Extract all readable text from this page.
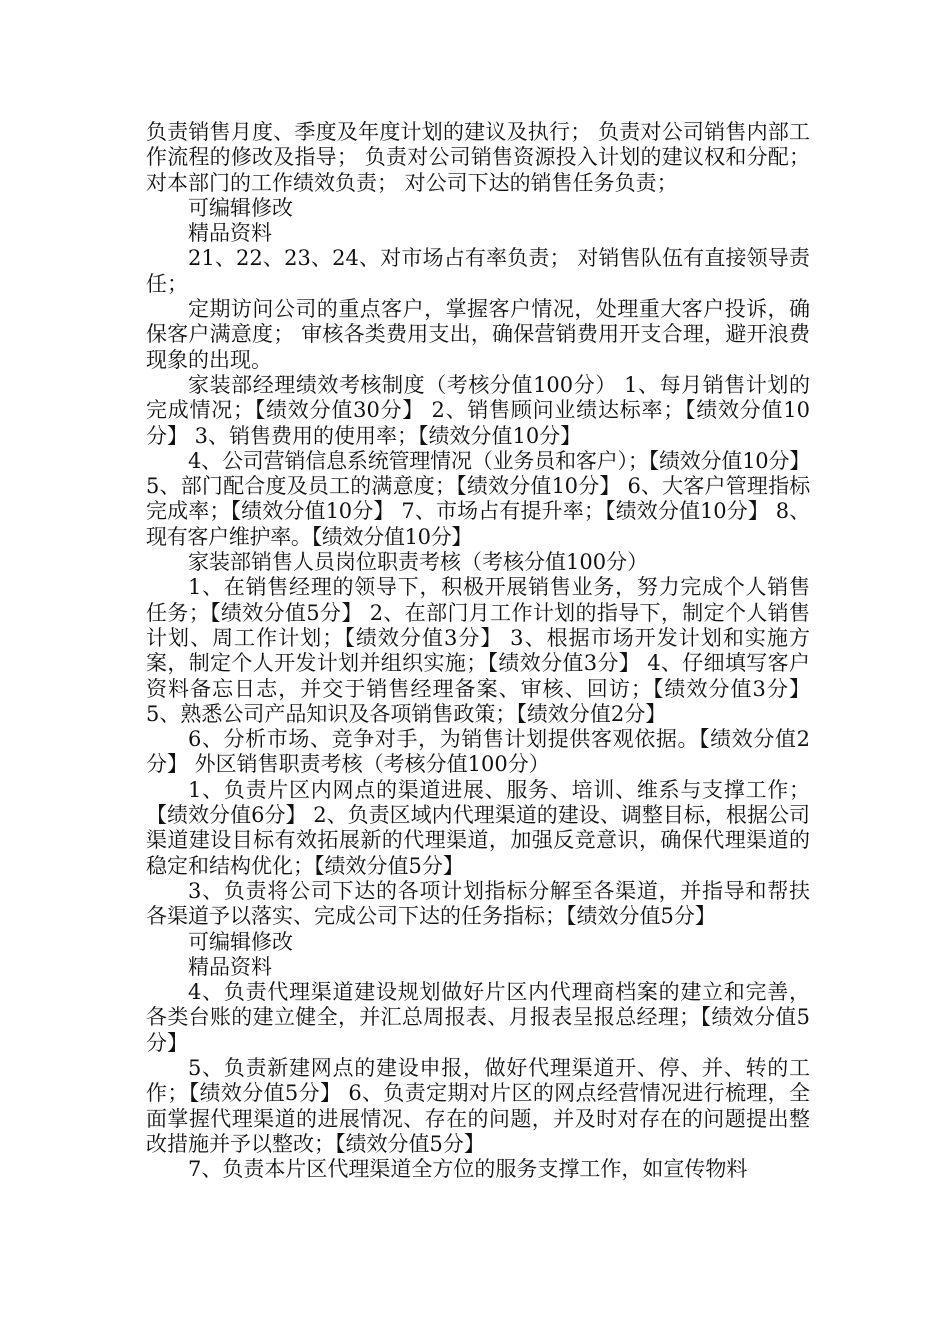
负责销售月度、季度及年度计划的建议及执行； 负责对公司销售内部工作流程的修改及指导； 负责对公司销售资源投入计划的建议权和分配； 对本部门的工作绩效负责； 对公司下达的销售任务负责；

可编辑修改

精品资料

21、22、23、24、对市场占有率负责； 对销售队伍有直接领导责任；

定期访问公司的重点客户，掌握客户情况，处理重大客户投诉，确保客户满意度； 审核各类费用支出，确保营销费用开支合理，避开浪费现象的出现。

家装部经理绩效考核制度（考核分值100分） 1、每月销售计划的完成情况；【绩效分值30分】 2、销售顾问业绩达标率；【绩效分值10分】 3、销售费用的使用率；【绩效分值10分】

4、公司营销信息系统管理情况（业务员和客户）；【绩效分值10分】 5、部门配合度及员工的满意度；【绩效分值10分】 6、大客户管理指标完成率；【绩效分值10分】 7、市场占有提升率；【绩效分值10分】 8、现有客户维护率。【绩效分值10分】

家装部销售人员岗位职责考核（考核分值100分）

1、在销售经理的领导下，积极开展销售业务，努力完成个人销售任务；【绩效分值5分】 2、在部门月工作计划的指导下，制定个人销售计划、周工作计划；【绩效分值3分】 3、根据市场开发计划和实施方案，制定个人开发计划并组织实施；【绩效分值3分】 4、仔细填写客户资料备忘日志，并交于销售经理备案、审核、回访；【绩效分值3分】 5、熟悉公司产品知识及各项销售政策；【绩效分值2分】

6、分析市场、竞争对手，为销售计划提供客观依据。【绩效分值2分】 外区销售职责考核（考核分值100分）

1、负责片区内网点的渠道进展、服务、培训、维系与支撑工作；【绩效分值6分】 2、负责区域内代理渠道的建设、调整目标，根据公司渠道建设目标有效拓展新的代理渠道，加强反竞意识，确保代理渠道的稳定和结构优化；【绩效分值5分】

3、负责将公司下达的各项计划指标分解至各渠道，并指导和帮扶各渠道予以落实、完成公司下达的任务指标；【绩效分值5分】

可编辑修改

精品资料

4、负责代理渠道建设规划做好片区内代理商档案的建立和完善，各类台账的建立健全，并汇总周报表、月报表呈报总经理；【绩效分值5分】

5、负责新建网点的建设申报，做好代理渠道开、停、并、转的工作；【绩效分值5分】 6、负责定期对片区的网点经营情况进行梳理，全面掌握代理渠道的进展情况、存在的问题，并及时对存在的问题提出整改措施并予以整改；【绩效分值5分】

7、负责本片区代理渠道全方位的服务支撑工作，如宣传物料
